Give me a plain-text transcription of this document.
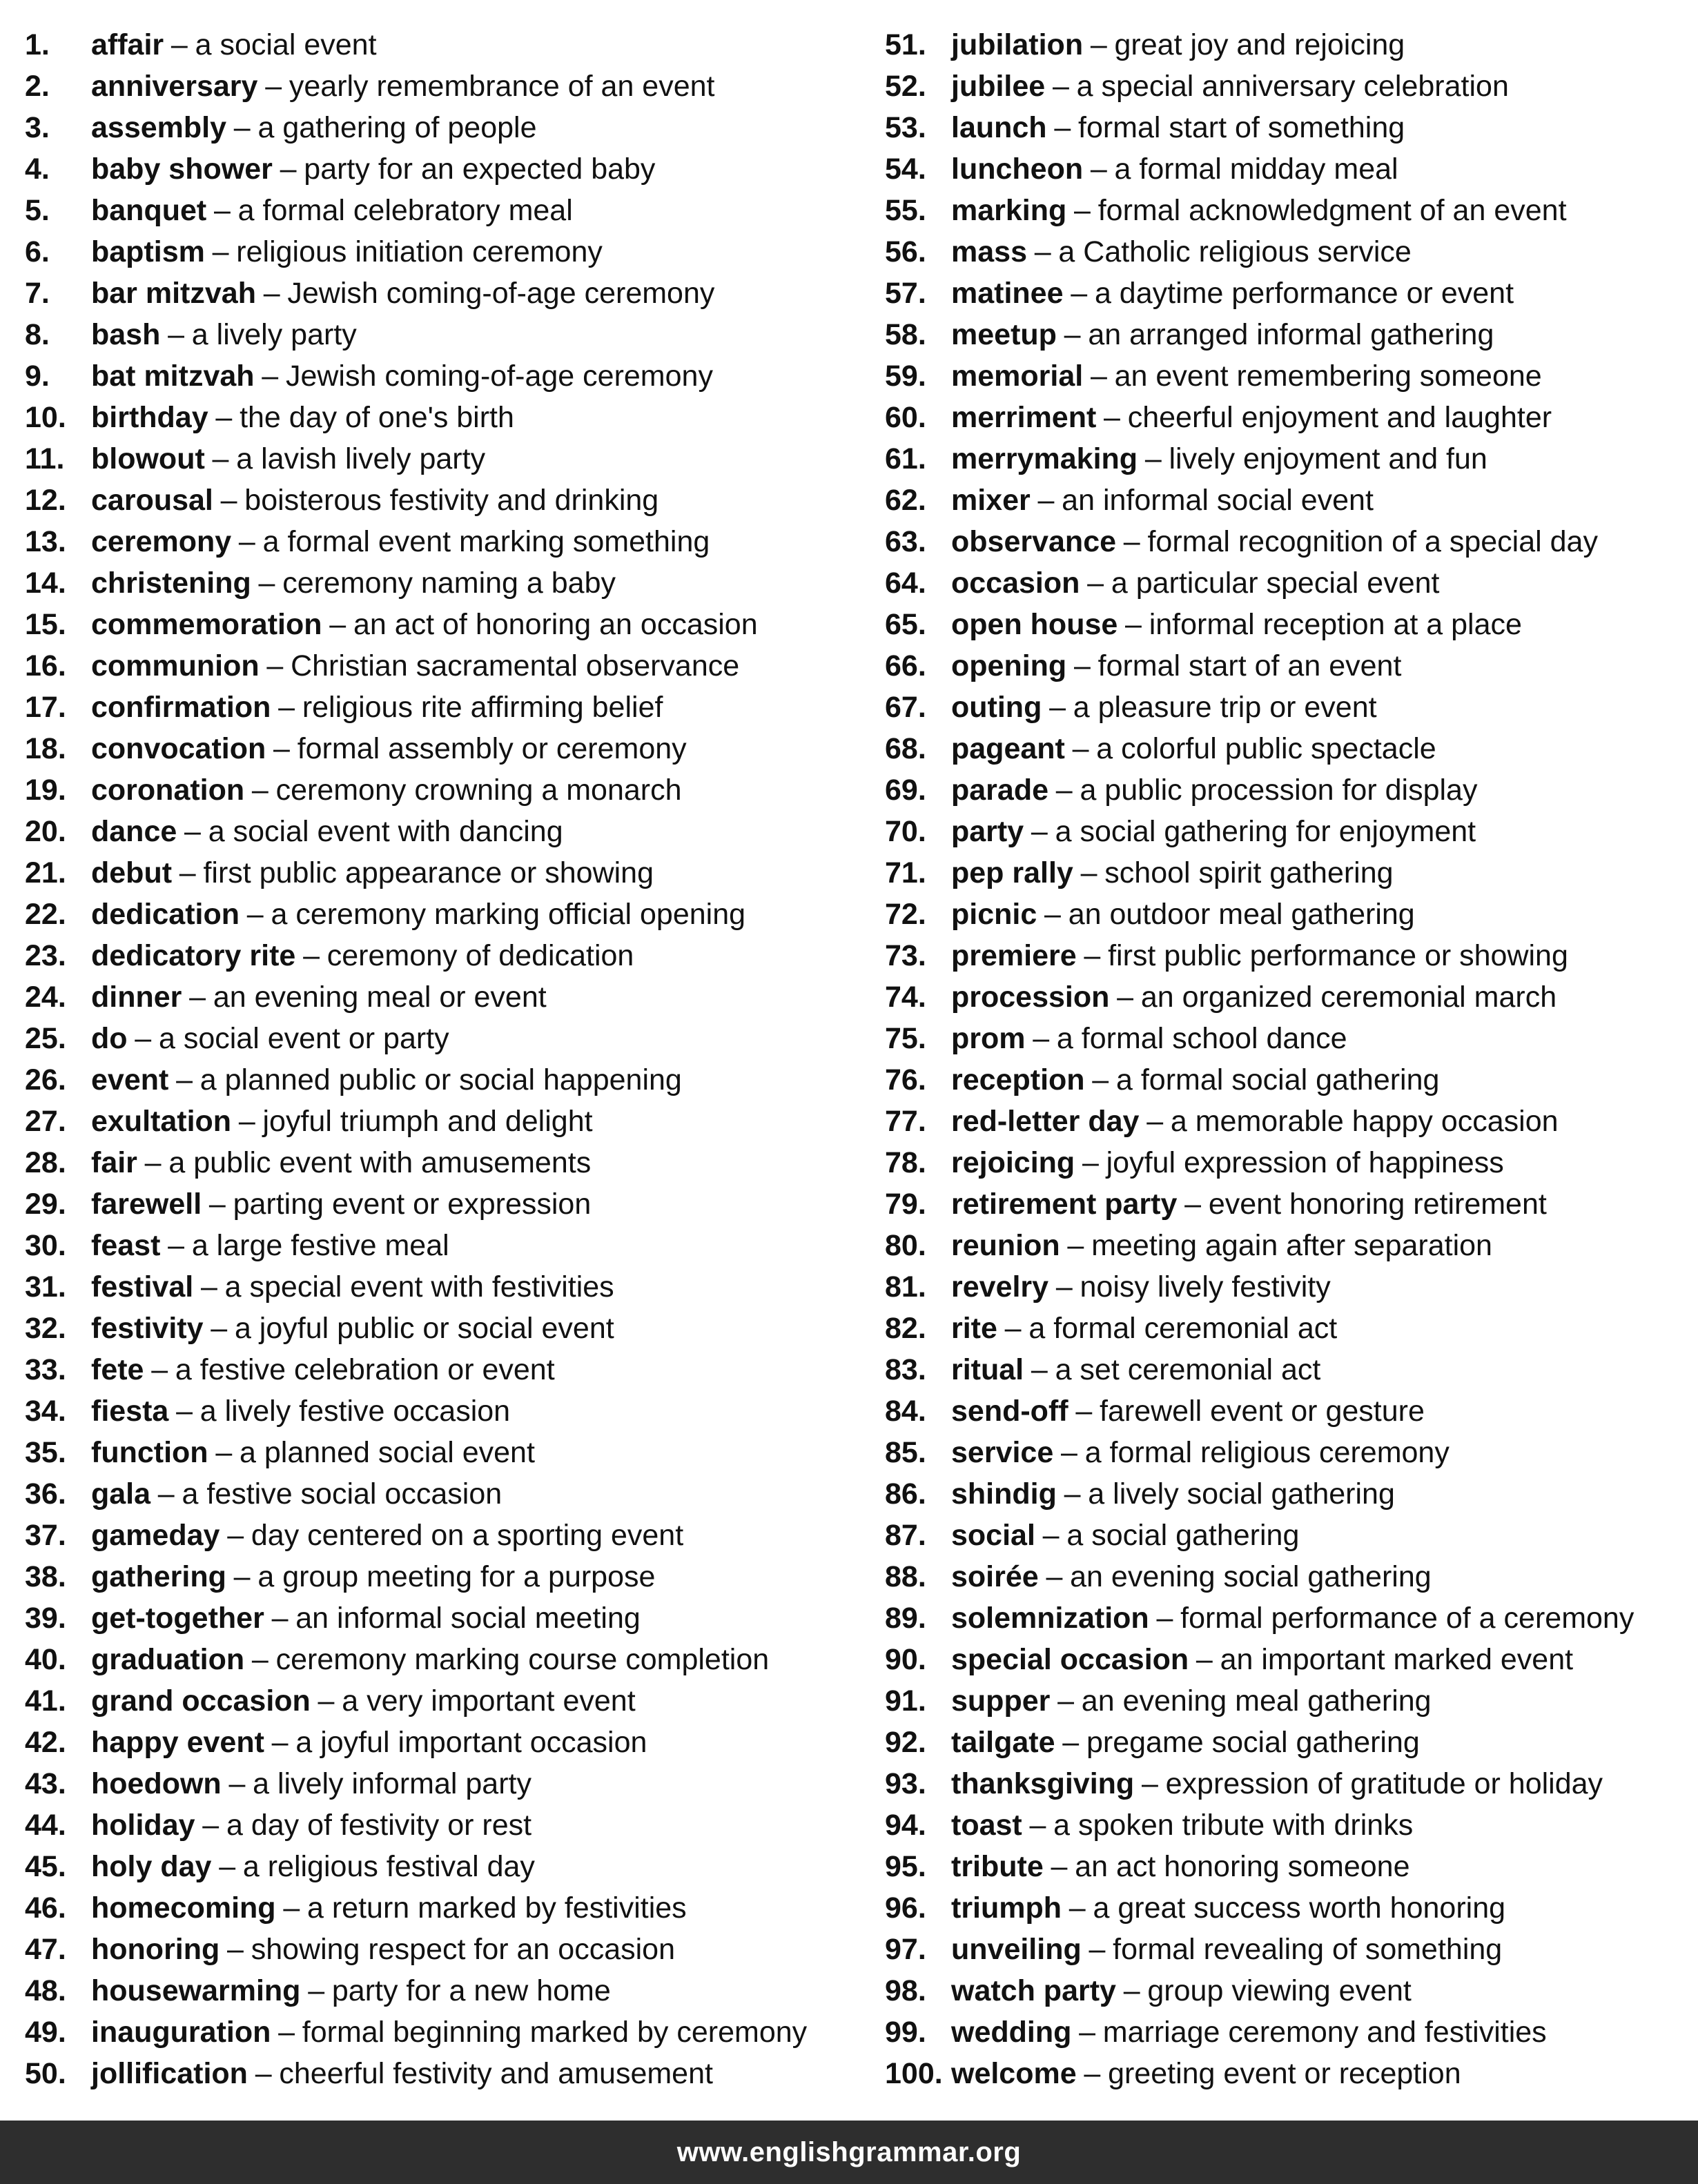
1.	affair – a social event
2.	anniversary – yearly remembrance of an event
3.	assembly – a gathering of people
4.	baby shower – party for an expected baby
5.	banquet – a formal celebratory meal
6.	baptism – religious initiation ceremony
7.	bar mitzvah – Jewish coming-of-age ceremony
8.	bash – a lively party
9.	bat mitzvah – Jewish coming-of-age ceremony
10. birthday – the day of one's birth
11. blowout – a lavish lively party
12. carousal – boisterous festivity and drinking
13. ceremony – a formal event marking something
14. christening – ceremony naming a baby
15. commemoration – an act of honoring an occasion
16. communion – Christian sacramental observance
17. confirmation – religious rite affirming belief
18. convocation – formal assembly or ceremony
19. coronation – ceremony crowning a monarch
20. dance – a social event with dancing
21. debut – first public appearance or showing
22. dedication – a ceremony marking official opening
23. dedicatory rite – ceremony of dedication
24. dinner – an evening meal or event
25. do – a social event or party
26. event – a planned public or social happening
27. exultation – joyful triumph and delight
28. fair – a public event with amusements
29. farewell – parting event or expression
30. feast – a large festive meal
31. festival – a special event with festivities
32. festivity – a joyful public or social event
33. fete – a festive celebration or event
34. fiesta – a lively festive occasion
35. function – a planned social event
36. gala – a festive social occasion
37. gameday – day centered on a sporting event
38. gathering – a group meeting for a purpose
39. get-together – an informal social meeting
40. graduation – ceremony marking course completion
41. grand occasion – a very important event
42. happy event – a joyful important occasion
43. hoedown – a lively informal party
44. holiday – a day of festivity or rest
45. holy day – a religious festival day
46. homecoming – a return marked by festivities
47. honoring – showing respect for an occasion
48. housewarming – party for a new home
49. inauguration – formal beginning marked by ceremony
50. jollification – cheerful festivity and amusement
51. jubilation – great joy and rejoicing
52. jubilee – a special anniversary celebration
53. launch – formal start of something
54. luncheon – a formal midday meal
55. marking – formal acknowledgment of an event
56. mass – a Catholic religious service
57. matinee – a daytime performance or event
58. meetup – an arranged informal gathering
59. memorial – an event remembering someone
60. merriment – cheerful enjoyment and laughter
61. merrymaking – lively enjoyment and fun
62. mixer – an informal social event
63. observance – formal recognition of a special day
64. occasion – a particular special event
65. open house – informal reception at a place
66. opening – formal start of an event
67. outing – a pleasure trip or event
68. pageant – a colorful public spectacle
69. parade – a public procession for display
70. party – a social gathering for enjoyment
71. pep rally – school spirit gathering
72. picnic – an outdoor meal gathering
73. premiere – first public performance or showing
74. procession – an organized ceremonial march
75. prom – a formal school dance
76. reception – a formal social gathering
77. red-letter day – a memorable happy occasion
78. rejoicing – joyful expression of happiness
79. retirement party – event honoring retirement
80. reunion – meeting again after separation
81. revelry – noisy lively festivity
82. rite – a formal ceremonial act
83. ritual – a set ceremonial act
84. send-off – farewell event or gesture
85. service – a formal religious ceremony
86. shindig – a lively social gathering
87. social – a social gathering
88. soirée – an evening social gathering
89. solemnization – formal performance of a ceremony
90. special occasion – an important marked event
91. supper – an evening meal gathering
92. tailgate – pregame social gathering
93. thanksgiving – expression of gratitude or holiday
94. toast – a spoken tribute with drinks
95. tribute – an act honoring someone
96. triumph – a great success worth honoring
97. unveiling – formal revealing of something
98. watch party – group viewing event
99. wedding – marriage ceremony and festivities
100. welcome – greeting event or reception
www.englishgrammar.org
